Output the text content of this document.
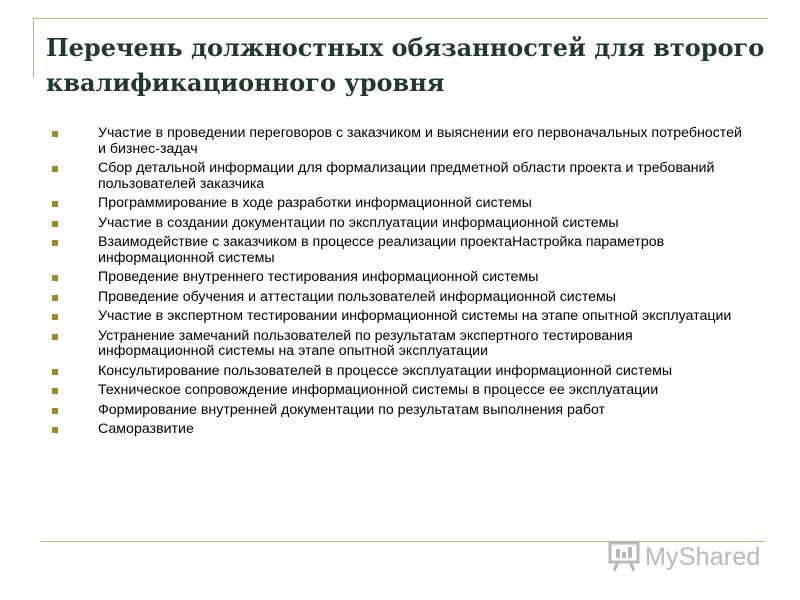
Перечень должностных обязанностей для второго квалификационного уровня
Участие в проведении переговоров с заказчиком и выяснении его первоначальных потребностей и бизнес-задач
Сбор детальной информации для формализации предметной области проекта и требований пользователей заказчика
Программирование в ходе разработки информационной системы
Участие в создании документации по эксплуатации информационной системы
Взаимодействие с заказчиком в процессе реализации проектаНастройка параметров информационной системы
Проведение внутреннего тестирования информационной системы
Проведение обучения и аттестации пользователей информационной системы
Участие в экспертном тестировании информационной системы на этапе опытной эксплуатации
Устранение замечаний пользователей по результатам экспертного тестирования информационной системы на этапе опытной эксплуатации
Консультирование пользователей в процессе эксплуатации информационной системы
Техническое сопровождение информационной системы в процессе ее эксплуатации
Формирование внутренней документации по результатам выполнения работ
Саморазвитие
MyShared
